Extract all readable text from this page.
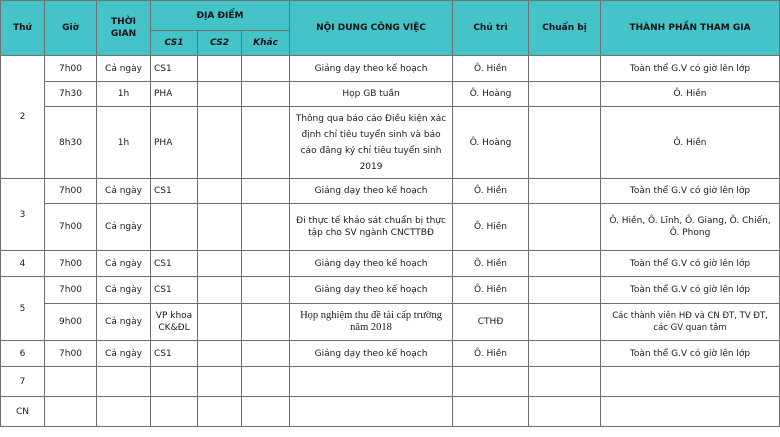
Thứ	Giờ	THỜI GIAN	ĐỊA ĐIỂM			NỘI DUNG CÔNG VIỆC	Chủ trì	Chuẩn bị	THÀNH PHẦN THAM GIA
			CS1	CS2	Khác				
2	7h00	Cả ngày	CS1			Giảng dạy theo kế hoạch	Ô. Hiền		Toàn thể G.V có giờ lên lớp
	7h30	1h	PHA			Họp GB tuần	Ô. Hoàng		Ô. Hiền
	8h30	1h	PHA			Thông qua báo cáo Điều kiện xác định chỉ tiêu tuyển sinh và báo cáo đăng ký chỉ tiêu tuyển sinh 2019	Ô. Hoàng		Ô. Hiền
3	7h00	Cả ngày	CS1			Giảng dạy theo kế hoạch	Ô. Hiền		Toàn thể G.V có giờ lên lớp
	7h00	Cả ngày				Đi thực tế khảo sát chuẩn bị thực tập cho SV ngành CNCTTBĐ	Ô. Hiền		Ô. Hiền, Ô. Lĩnh, Ô. Giang, Ô. Chiến, Ô. Phong
4	7h00	Cả ngày	CS1			Giảng dạy theo kế hoạch	Ô. Hiền		Toàn thể G.V có giờ lên lớp
5	7h00	Cả ngày	CS1			Giảng dạy theo kế hoạch	Ô. Hiền		Toàn thể G.V có giờ lên lớp
	9h00	Cả ngày	VP khoa CK&ĐL			Họp nghiệm thu đề tài cấp trường năm 2018	CTHĐ		Các thành viên HĐ và CN ĐT, TV ĐT, các GV quan tâm
6	7h00	Cả ngày	CS1			Giảng dạy theo kế hoạch	Ô. Hiền		Toàn thể G.V có giờ lên lớp
7									
CN									
